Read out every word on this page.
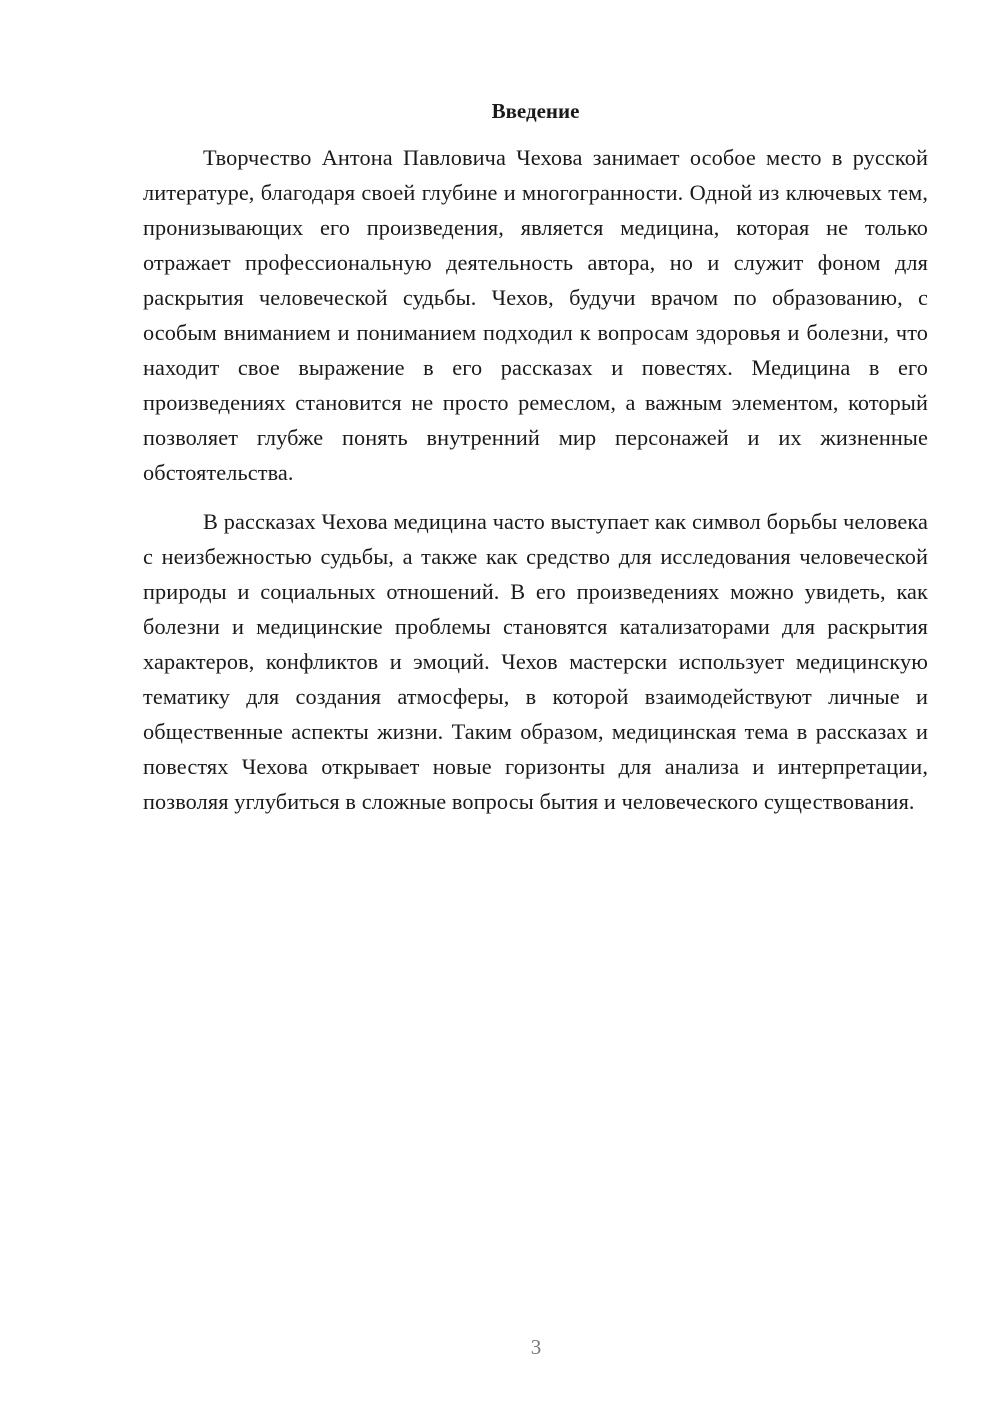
Введение

Творчество Антона Павловича Чехова занимает особое место в русской литературе, благодаря своей глубине и многогранности. Одной из ключевых тем, пронизывающих его произведения, является медицина, которая не только отражает профессиональную деятельность автора, но и служит фоном для раскрытия человеческой судьбы. Чехов, будучи врачом по образованию, с особым вниманием и пониманием подходил к вопросам здоровья и болезни, что находит свое выражение в его рассказах и повестях. Медицина в его произведениях становится не просто ремеслом, а важным элементом, который позволяет глубже понять внутренний мир персонажей и их жизненные обстоятельства.

В рассказах Чехова медицина часто выступает как символ борьбы человека с неизбежностью судьбы, а также как средство для исследования человеческой природы и социальных отношений. В его произведениях можно увидеть, как болезни и медицинские проблемы становятся катализаторами для раскрытия характеров, конфликтов и эмоций. Чехов мастерски использует медицинскую тематику для создания атмосферы, в которой взаимодействуют личные и общественные аспекты жизни. Таким образом, медицинская тема в рассказах и повестях Чехова открывает новые горизонты для анализа и интерпретации, позволяя углубиться в сложные вопросы бытия и человеческого существования.

3
